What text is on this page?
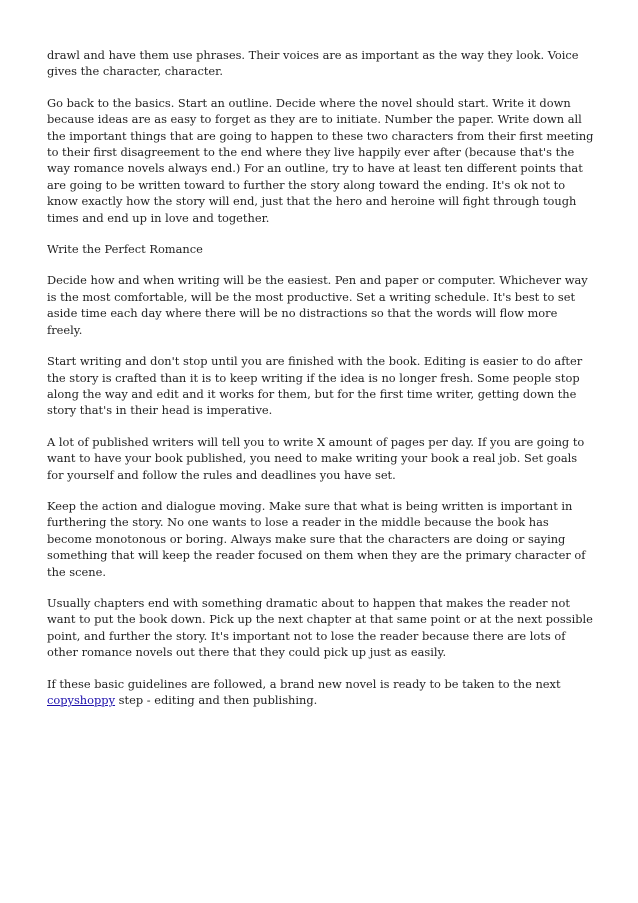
drawl and have them use phrases. Their voices are as important as the way they look. Voice gives the character, character.

Go back to the basics. Start an outline. Decide where the novel should start. Write it down because ideas are as easy to forget as they are to initiate. Number the paper. Write down all the important things that are going to happen to these two characters from their first meeting to their first disagreement to the end where they live happily ever after (because that's the way romance novels always end.) For an outline, try to have at least ten different points that are going to be written toward to further the story along toward the ending. It's ok not to know exactly how the story will end, just that the hero and heroine will fight through tough times and end up in love and together.

Write the Perfect Romance

Decide how and when writing will be the easiest. Pen and paper or computer. Whichever way is the most comfortable, will be the most productive. Set a writing schedule. It's best to set aside time each day where there will be no distractions so that the words will flow more freely.

Start writing and don't stop until you are finished with the book. Editing is easier to do after the story is crafted than it is to keep writing if the idea is no longer fresh. Some people stop along the way and edit and it works for them, but for the first time writer, getting down the story that's in their head is imperative.

A lot of published writers will tell you to write X amount of pages per day. If you are going to want to have your book published, you need to make writing your book a real job. Set goals for yourself and follow the rules and deadlines you have set.

Keep the action and dialogue moving. Make sure that what is being written is important in furthering the story. No one wants to lose a reader in the middle because the book has become monotonous or boring. Always make sure that the characters are doing or saying something that will keep the reader focused on them when they are the primary character of the scene.

Usually chapters end with something dramatic about to happen that makes the reader not want to put the book down. Pick up the next chapter at that same point or at the next possible point, and further the story. It's important not to lose the reader because there are lots of other romance novels out there that they could pick up just as easily.

If these basic guidelines are followed, a brand new novel is ready to be taken to the next copyshoppy step - editing and then publishing.
